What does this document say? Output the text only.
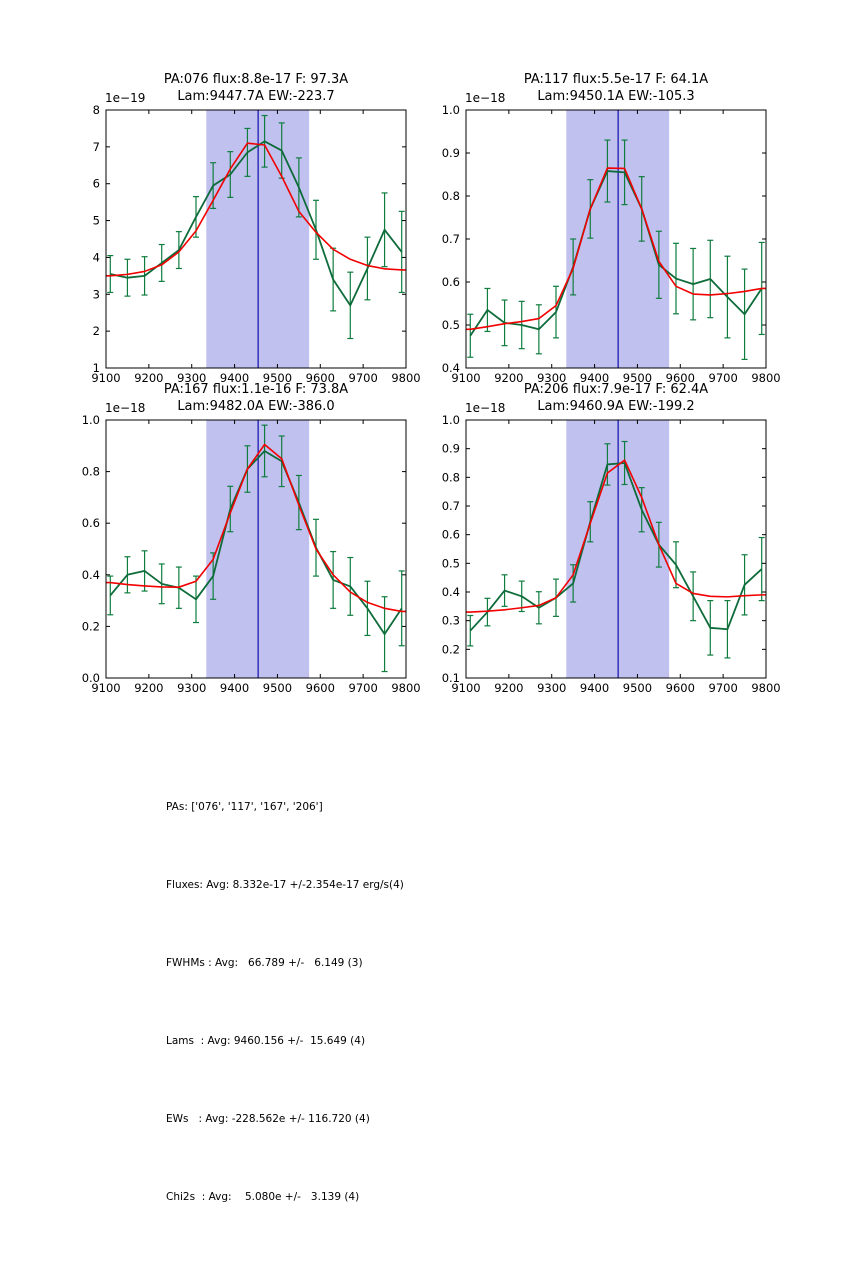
PA:076 flux:8.8e-17 F: 97.3A
Lam:9447.7A EW:-223.7
1e−19
9100 9200 9300 9400 9500 9600 9700 9800
1
2
3
4
5
6
7
8
PA:117 flux:5.5e-17 F: 64.1A
Lam:9450.1A EW:-105.3
1e−18
9100 9200 9300 9400 9500 9600 9700 9800
0.4
0.5
0.6
0.7
0.8
0.9
1.0
PA:167 flux:1.1e-16 F: 73.8A
Lam:9482.0A EW:-386.0
1e−18
9100 9200 9300 9400 9500 9600 9700 9800
0.0
0.2
0.4
0.6
0.8
1.0
PA:206 flux:7.9e-17 F: 62.4A
Lam:9460.9A EW:-199.2
1e−18
9100 9200 9300 9400 9500 9600 9700 9800
0.1
0.2
0.3
0.4
0.5
0.6
0.7
0.8
0.9
1.0

PAs: ['076', '117', '167', '206']

Fluxes: Avg: 8.332e-17 +/-2.354e-17 erg/s(4)

FWHMs : Avg:   66.789 +/-   6.149 (3)

Lams  : Avg: 9460.156 +/-  15.649 (4)

EWs   : Avg: -228.562e +/- 116.720 (4)

Chi2s  : Avg:    5.080e +/-   3.139 (4)
